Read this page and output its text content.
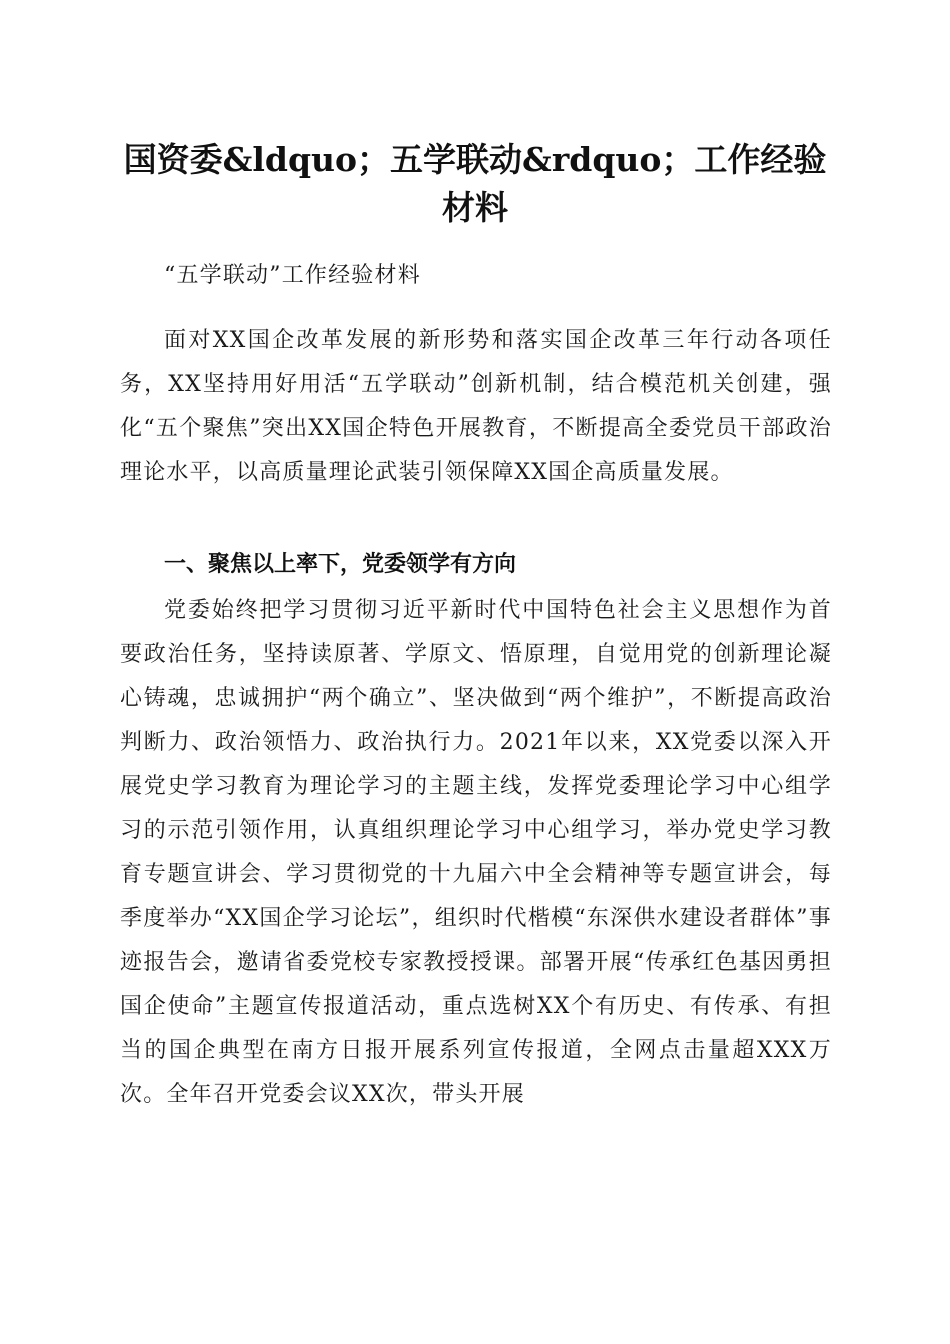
国资委&ldquo；五学联动&rdquo；工作经验
材料

“五学联动”工作经验材料

面对XX国企改革发展的新形势和落实国企改革三年行动各项任务，XX坚持用好用活“五学联动”创新机制，结合模范机关创建，强化“五个聚焦”突出XX国企特色开展教育，不断提高全委党员干部政治理论水平，以高质量理论武装引领保障XX国企高质量发展。

一、聚焦以上率下，党委领学有方向

党委始终把学习贯彻习近平新时代中国特色社会主义思想作为首要政治任务，坚持读原著、学原文、悟原理，自觉用党的创新理论凝心铸魂，忠诚拥护“两个确立”、坚决做到“两个维护”，不断提高政治判断力、政治领悟力、政治执行力。2021年以来，XX党委以深入开展党史学习教育为理论学习的主题主线，发挥党委理论学习中心组学习的示范引领作用，认真组织理论学习中心组学习，举办党史学习教育专题宣讲会、学习贯彻党的十九届六中全会精神等专题宣讲会，每季度举办“XX国企学习论坛”，组织时代楷模“东深供水建设者群体”事迹报告会，邀请省委党校专家教授授课。部署开展“传承红色基因勇担国企使命”主题宣传报道活动，重点选树XX个有历史、有传承、有担当的国企典型在南方日报开展系列宣传报道，全网点击量超XXX万次。全年召开党委会议XX次，带头开展
